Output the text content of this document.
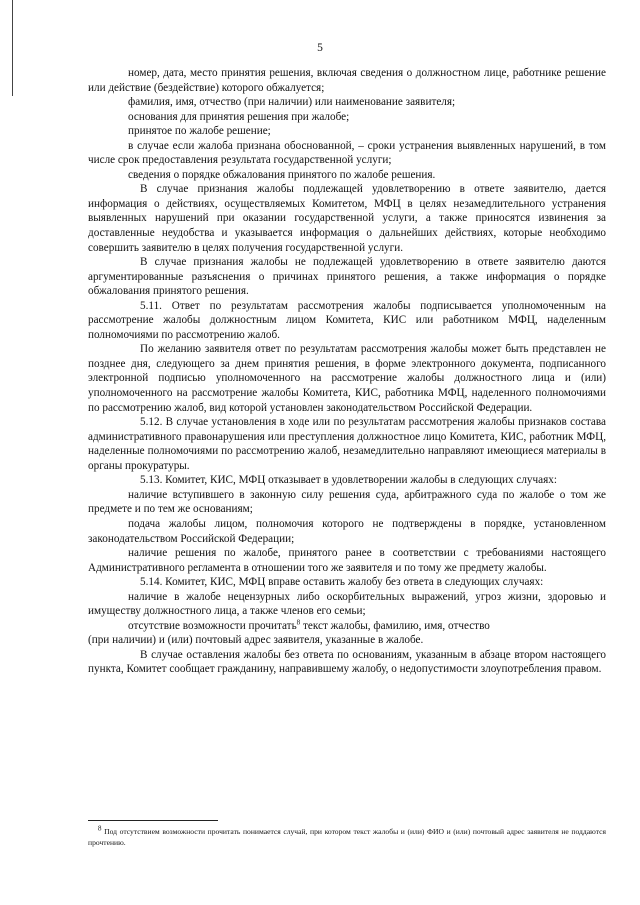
5

номер, дата, место принятия решения, включая сведения о должностном лице, работнике решение или действие (бездействие) которого обжалуется;

фамилия, имя, отчество (при наличии) или наименование заявителя;

основания для принятия решения при жалобе;

принятое по жалобе решение;

в случае если жалоба признана обоснованной, – сроки устранения выявленных нарушений, в том числе срок предоставления результата государственной услуги;

сведения о порядке обжалования принятого по жалобе решения.

В случае признания жалобы подлежащей удовлетворению в ответе заявителю, дается информация о действиях, осуществляемых Комитетом, МФЦ в целях незамедлительного устранения выявленных нарушений при оказании государственной услуги, а также приносятся извинения за доставленные неудобства и указывается информация о дальнейших действиях, которые необходимо совершить заявителю в целях получения государственной услуги.

В случае признания жалобы не подлежащей удовлетворению в ответе заявителю даются аргументированные разъяснения о причинах принятого решения, а также информация о порядке обжалования принятого решения.

5.11. Ответ по результатам рассмотрения жалобы подписывается уполномоченным на рассмотрение жалобы должностным лицом Комитета, КИС или работником МФЦ, наделенным полномочиями по рассмотрению жалоб.

По желанию заявителя ответ по результатам рассмотрения жалобы может быть представлен не позднее дня, следующего за днем принятия решения, в форме электронного документа, подписанного электронной подписью уполномоченного на рассмотрение жалобы должностного лица и (или) уполномоченного на рассмотрение жалобы Комитета, КИС, работника МФЦ, наделенного полномочиями по рассмотрению жалоб, вид которой установлен законодательством Российской Федерации.

5.12. В случае установления в ходе или по результатам рассмотрения жалобы признаков состава административного правонарушения или преступления должностное лицо Комитета, КИС, работник МФЦ, наделенные полномочиями по рассмотрению жалоб, незамедлительно направляют имеющиеся материалы в органы прокуратуры.

5.13. Комитет, КИС, МФЦ отказывает в удовлетворении жалобы в следующих случаях:

наличие вступившего в законную силу решения суда, арбитражного суда по жалобе о том же предмете и по тем же основаниям;

подача жалобы лицом, полномочия которого не подтверждены в порядке, установленном законодательством Российской Федерации;

наличие решения по жалобе, принятого ранее в соответствии с требованиями настоящего Административного регламента в отношении того же заявителя и по тому же предмету жалобы.

5.14. Комитет, КИС, МФЦ вправе оставить жалобу без ответа в следующих случаях:

наличие в жалобе нецензурных либо оскорбительных выражений, угроз жизни, здоровью и имуществу должностного лица, а также членов его семьи;

отсутствие возможности прочитать$^8$ текст жалобы, фамилию, имя, отчество

(при наличии) и (или) почтовый адрес заявителя, указанные в жалобе.

В случае оставления жалобы без ответа по основаниям, указанным в абзаце втором настоящего пункта, Комитет сообщает гражданину, направившему жалобу, о недопустимости злоупотребления правом.

$^8$ Под отсутствием возможности прочитать понимается случай, при котором текст жалобы и (или) ФИО и (или) почтовый адрес заявителя не поддаются прочтению.
